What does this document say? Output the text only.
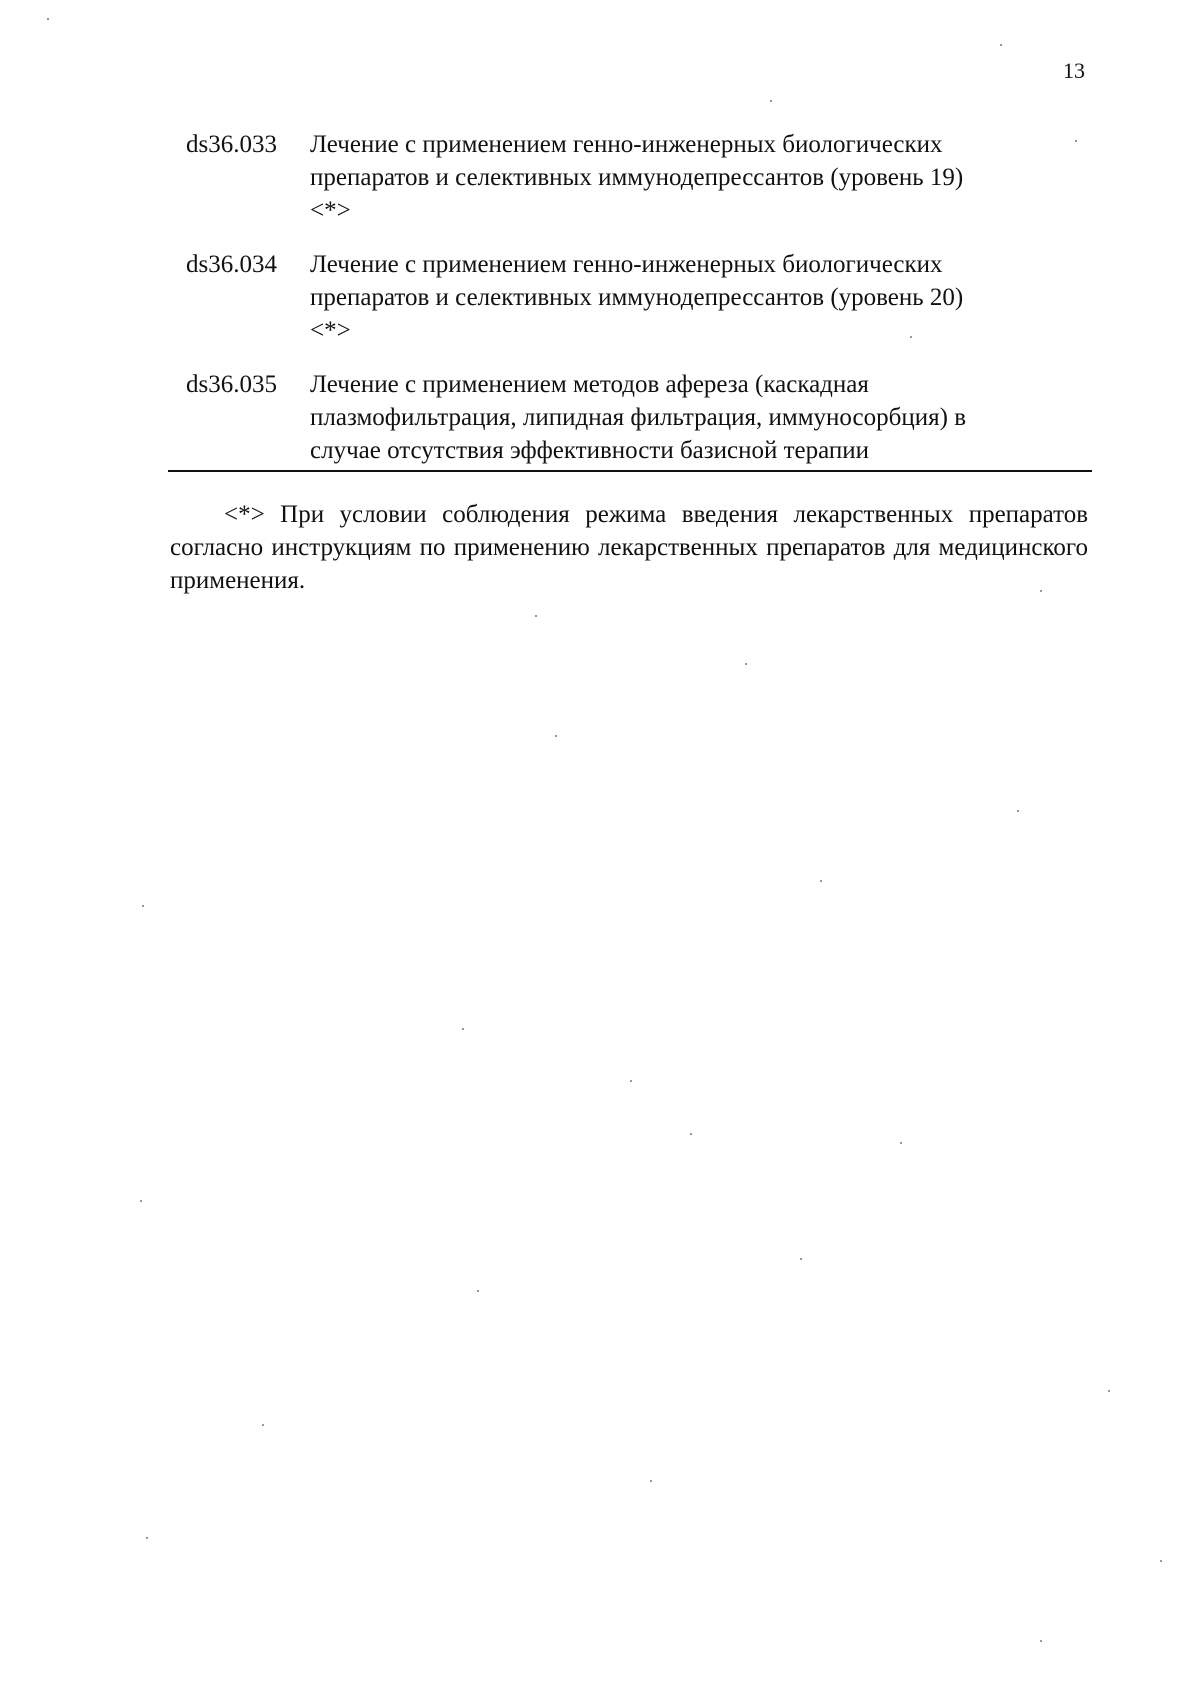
13
ds36.033	Лечение с применением генно-инженерных биологических
препаратов и селективных иммунодепрессантов (уровень 19)
<*>
ds36.034	Лечение с применением генно-инженерных биологических
препаратов и селективных иммунодепрессантов (уровень 20)
<*>
ds36.035	Лечение с применением методов афереза (каскадная
плазмофильтрация, липидная фильтрация, иммуносорбция) в
случае отсутствия эффективности базисной терапии
<*> При условии соблюдения режима введения лекарственных препаратов согласно инструкциям по применению лекарственных препаратов для медицинского применения.
